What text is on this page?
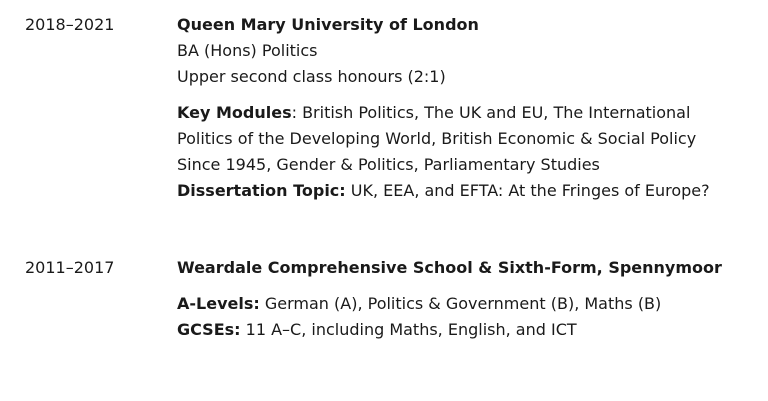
2018–2021	Queen Mary University of London
BA (Hons) Politics
Upper second class honours (2:1)
Key Modules: British Politics, The UK and EU, The International
Politics of the Developing World, British Economic & Social Policy
Since 1945, Gender & Politics, Parliamentary Studies
Dissertation Topic: UK, EEA, and EFTA: At the Fringes of Europe?
2011–2017	Weardale Comprehensive School & Sixth-Form, Spennymoor
A-Levels: German (A), Politics & Government (B), Maths (B)
GCSEs: 11 A–C, including Maths, English, and ICT
